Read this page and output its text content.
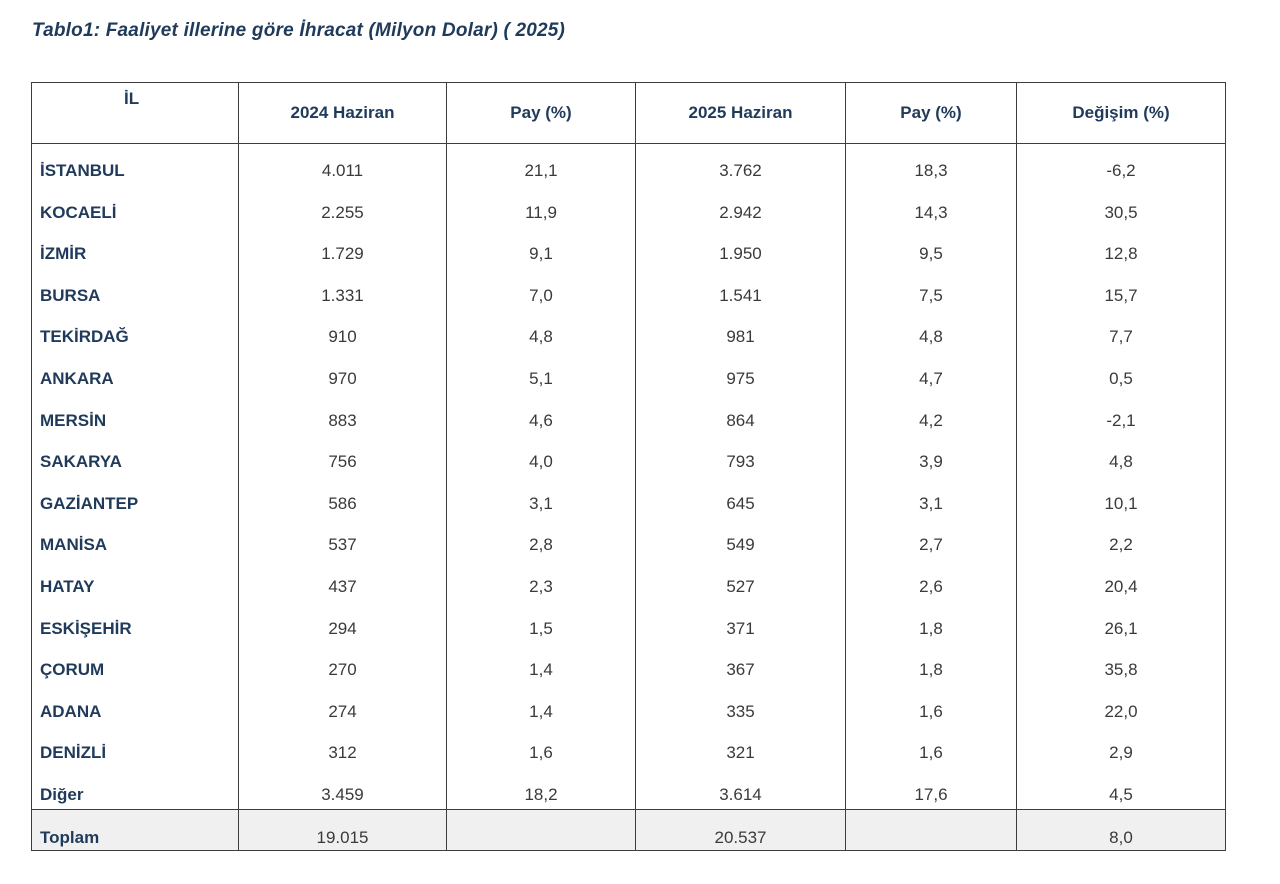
Tablo1: Faaliyet illerine göre İhracat (Milyon Dolar) ( 2025)
İL	2024 Haziran	Pay (%)	2025 Haziran	Pay (%)	Değişim (%)
İSTANBUL	4.011	21,1	3.762	18,3	-6,2
KOCAELİ	2.255	11,9	2.942	14,3	30,5
İZMİR	1.729	9,1	1.950	9,5	12,8
BURSA	1.331	7,0	1.541	7,5	15,7
TEKİRDAĞ	910	4,8	981	4,8	7,7
ANKARA	970	5,1	975	4,7	0,5
MERSİN	883	4,6	864	4,2	-2,1
SAKARYA	756	4,0	793	3,9	4,8
GAZİANTEP	586	3,1	645	3,1	10,1
MANİSA	537	2,8	549	2,7	2,2
HATAY	437	2,3	527	2,6	20,4
ESKİŞEHİR	294	1,5	371	1,8	26,1
ÇORUM	270	1,4	367	1,8	35,8
ADANA	274	1,4	335	1,6	22,0
DENİZLİ	312	1,6	321	1,6	2,9
Diğer	3.459	18,2	3.614	17,6	4,5
Toplam	19.015		20.537		8,0
